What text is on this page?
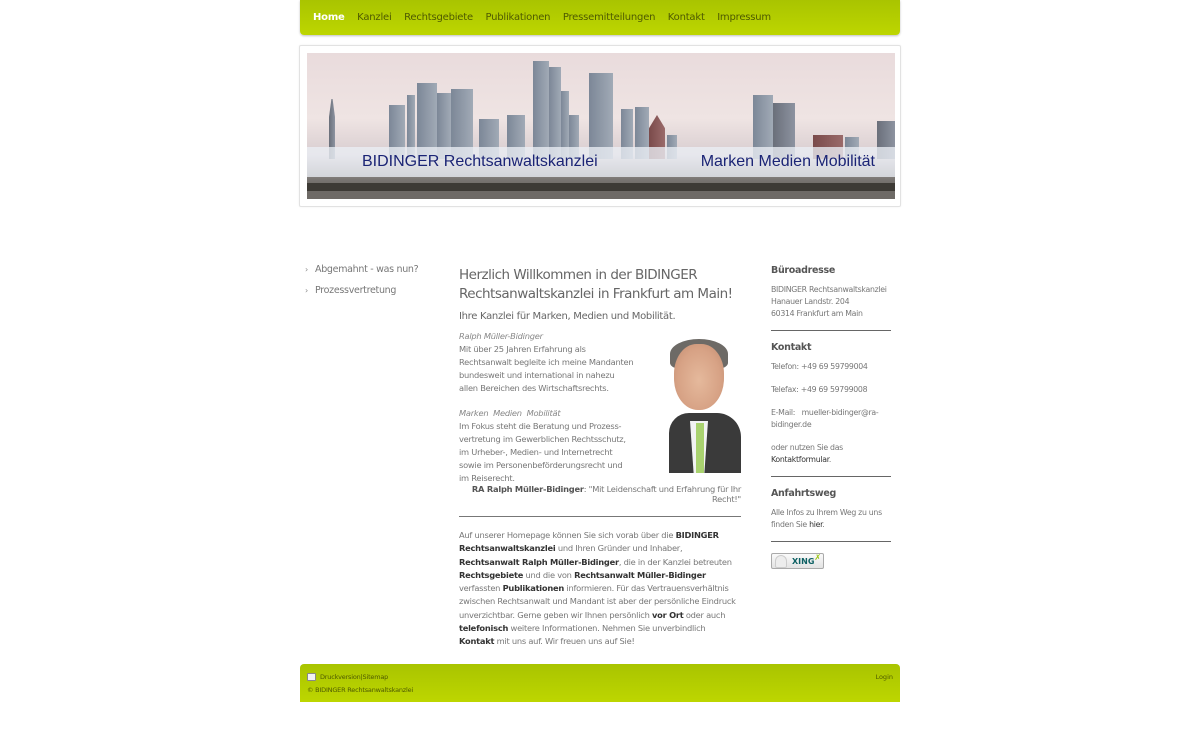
Home Kanzlei Rechtsgebiete Publikationen Pressemitteilungen Kontakt Impressum
BIDINGER Rechtsanwaltskanzlei	Marken Medien Mobilität
› Abgemahnt - was nun?
› Prozessvertretung
Herzlich Willkommen in der BIDINGER Rechtsanwaltskanzlei in Frankfurt am Main!
Ihre Kanzlei für Marken, Medien und Mobilität.
Ralph Müller-Bidinger
Mit über 25 Jahren Erfahrung als Rechtsanwalt begleite ich meine Mandanten bundesweit und international in nahezu allen Bereichen des Wirtschaftsrechts.
Marken  Medien  Mobilität
Im Fokus steht die Beratung und Prozess-vertretung im Gewerblichen Rechtsschutz, im Urheber-, Medien- und Internetrecht sowie im Personenbeförderungsrecht und im Reiserecht.
RA Ralph Müller-Bidinger: "Mit Leidenschaft und Erfahrung für Ihr Recht!"

Auf unserer Homepage können Sie sich vorab über die BIDINGER Rechtsanwaltskanzlei und Ihren Gründer und Inhaber, Rechtsanwalt Ralph Müller-Bidinger, die in der Kanzlei betreuten Rechtsgebiete und die von Rechtsanwalt Müller-Bidinger verfassten Publikationen informieren. Für das Vertrauensverhältnis zwischen Rechtsanwalt und Mandant ist aber der persönliche Eindruck unverzichtbar. Gerne geben wir Ihnen persönlich vor Ort oder auch telefonisch weitere Informationen. Nehmen Sie unverbindlich Kontakt mit uns auf. Wir freuen uns auf Sie!

Büroadresse

BIDINGER Rechtsanwaltskanzlei

Hanauer Landstr. 204

60314 Frankfurt am Main

Kontakt

Telefon: +49 69 59799004

Telefax: +49 69 59799008

E-Mail:   mueller-bidinger@ra-bidinger.de

oder nutzen Sie das Kontaktformular.

Anfahrtsweg

Alle Infos zu Ihrem Weg zu uns finden Sie hier.

XING ✗
Druckversion | Sitemap
© BIDINGER Rechtsanwaltskanzlei
Login
